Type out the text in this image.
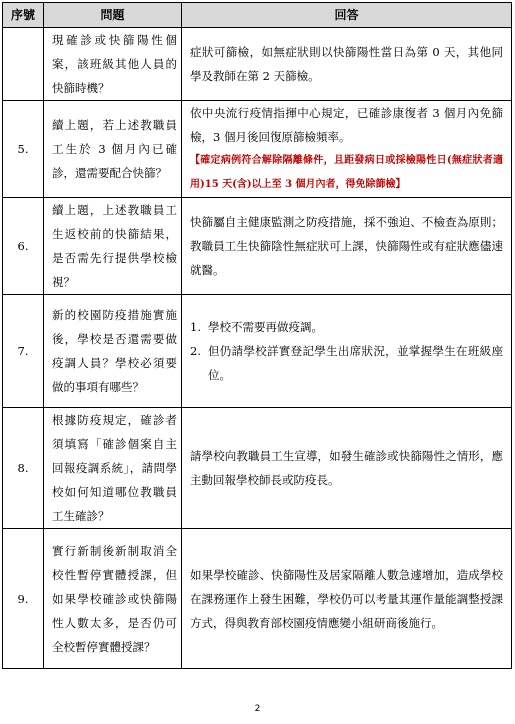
序號	問題	回答
	現確診或快篩陽性個案，該班級其他人員的快篩時機？	症狀可篩檢，如無症狀則以快篩陽性當日為第 0 天，其他同學及教師在第 2 天篩檢。
5.	續上題，若上述教職員工生於 3 個月內已確診，還需要配合快篩？	依中央流行疫情指揮中心規定，已確診康復者 3 個月內免篩檢，3 個月後回復原篩檢頻率。
【確定病例符合解除隔離條件，且距發病日或採檢陽性日(無症狀者適用)15 天(含)以上至 3 個月內者，得免除篩檢】

6.	續上題，上述教職員工生返校前的快篩結果，是否需先行提供學校檢視？	快篩屬自主健康監測之防疫措施，採不強迫、不檢查為原則；教職員工生快篩陰性無症狀可上課，快篩陽性或有症狀應儘速就醫。
7.	新的校園防疫措施實施後，學校是否還需要做疫調人員？學校必須要做的事項有哪些？	1. 學校不需要再做疫調。
2. 但仍請學校詳實登記學生出席狀況，並掌握學生在班級座位。

8.	根據防疫規定，確診者須填寫「確診個案自主回報疫調系統」，請問學校如何知道哪位教職員工生確診？	請學校向教職員工生宣導，如發生確診或快篩陽性之情形，應主動回報學校師長或防疫長。
9.	實行新制後新制取消全校性暫停實體授課，但如果學校確診或快篩陽性人數太多，是否仍可全校暫停實體授課？	如果學校確診、快篩陽性及居家隔離人數急遽增加，造成學校在課務運作上發生困難，學校仍可以考量其運作量能調整授課方式，得與教育部校園疫情應變小組研商後施行。
2
